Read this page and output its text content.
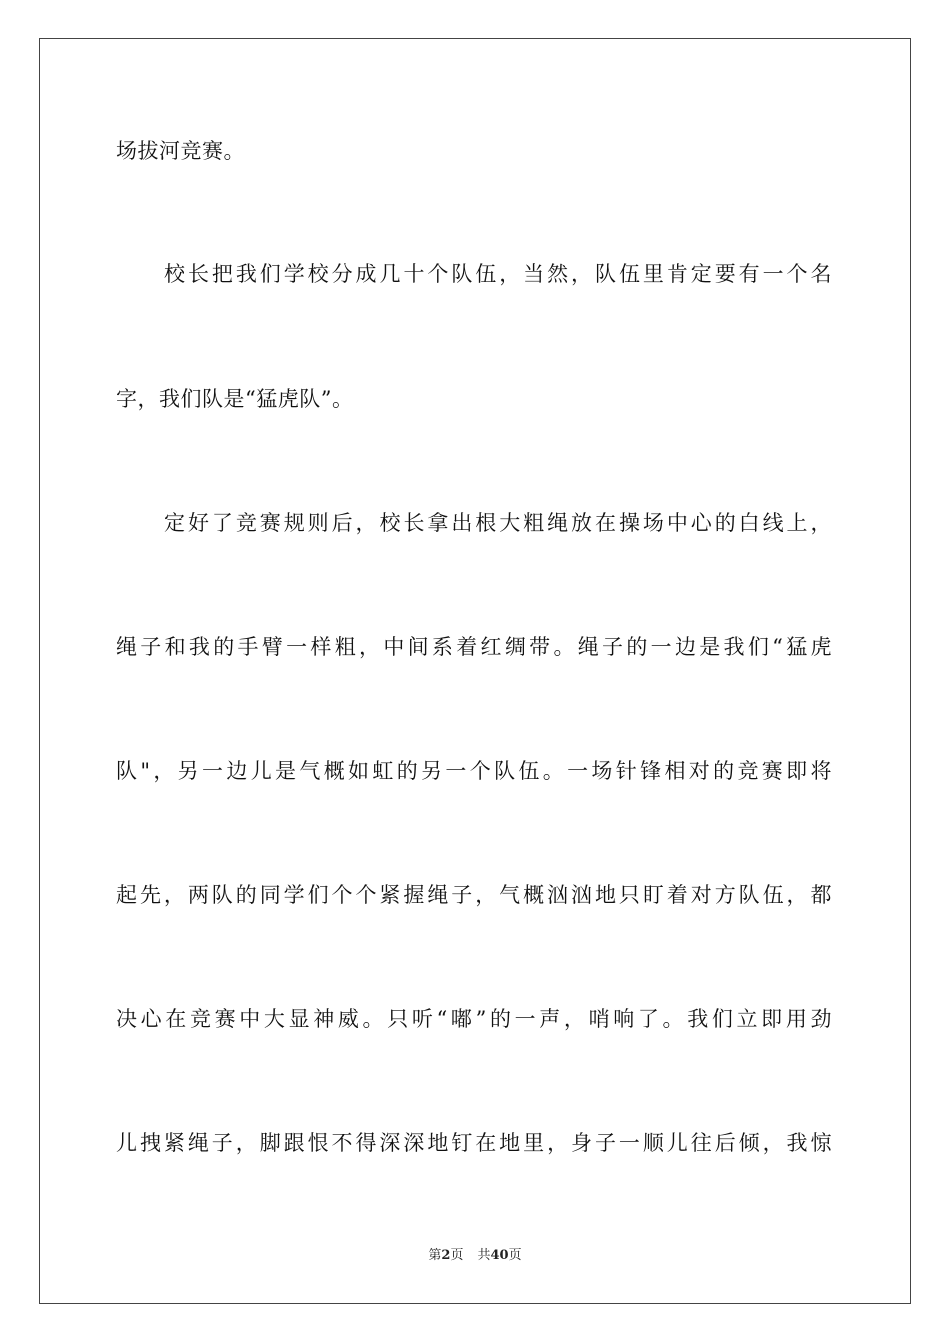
场拔河竞赛。
校长把我们学校分成几十个队伍，当然，队伍里肯定要有一个名
字，我们队是“猛虎队”。
定好了竞赛规则后，校长拿出根大粗绳放在操场中心的白线上，
绳子和我的手臂一样粗，中间系着红绸带。绳子的一边是我们“猛虎
队"，另一边儿是气概如虹的另一个队伍。一场针锋相对的竞赛即将
起先，两队的同学们个个紧握绳子，气概汹汹地只盯着对方队伍，都
决心在竞赛中大显神威。只听“嘟”的一声，哨响了。我们立即用劲
儿拽紧绳子，脚跟恨不得深深地钉在地里，身子一顺儿往后倾，我惊
第2页 共40页
